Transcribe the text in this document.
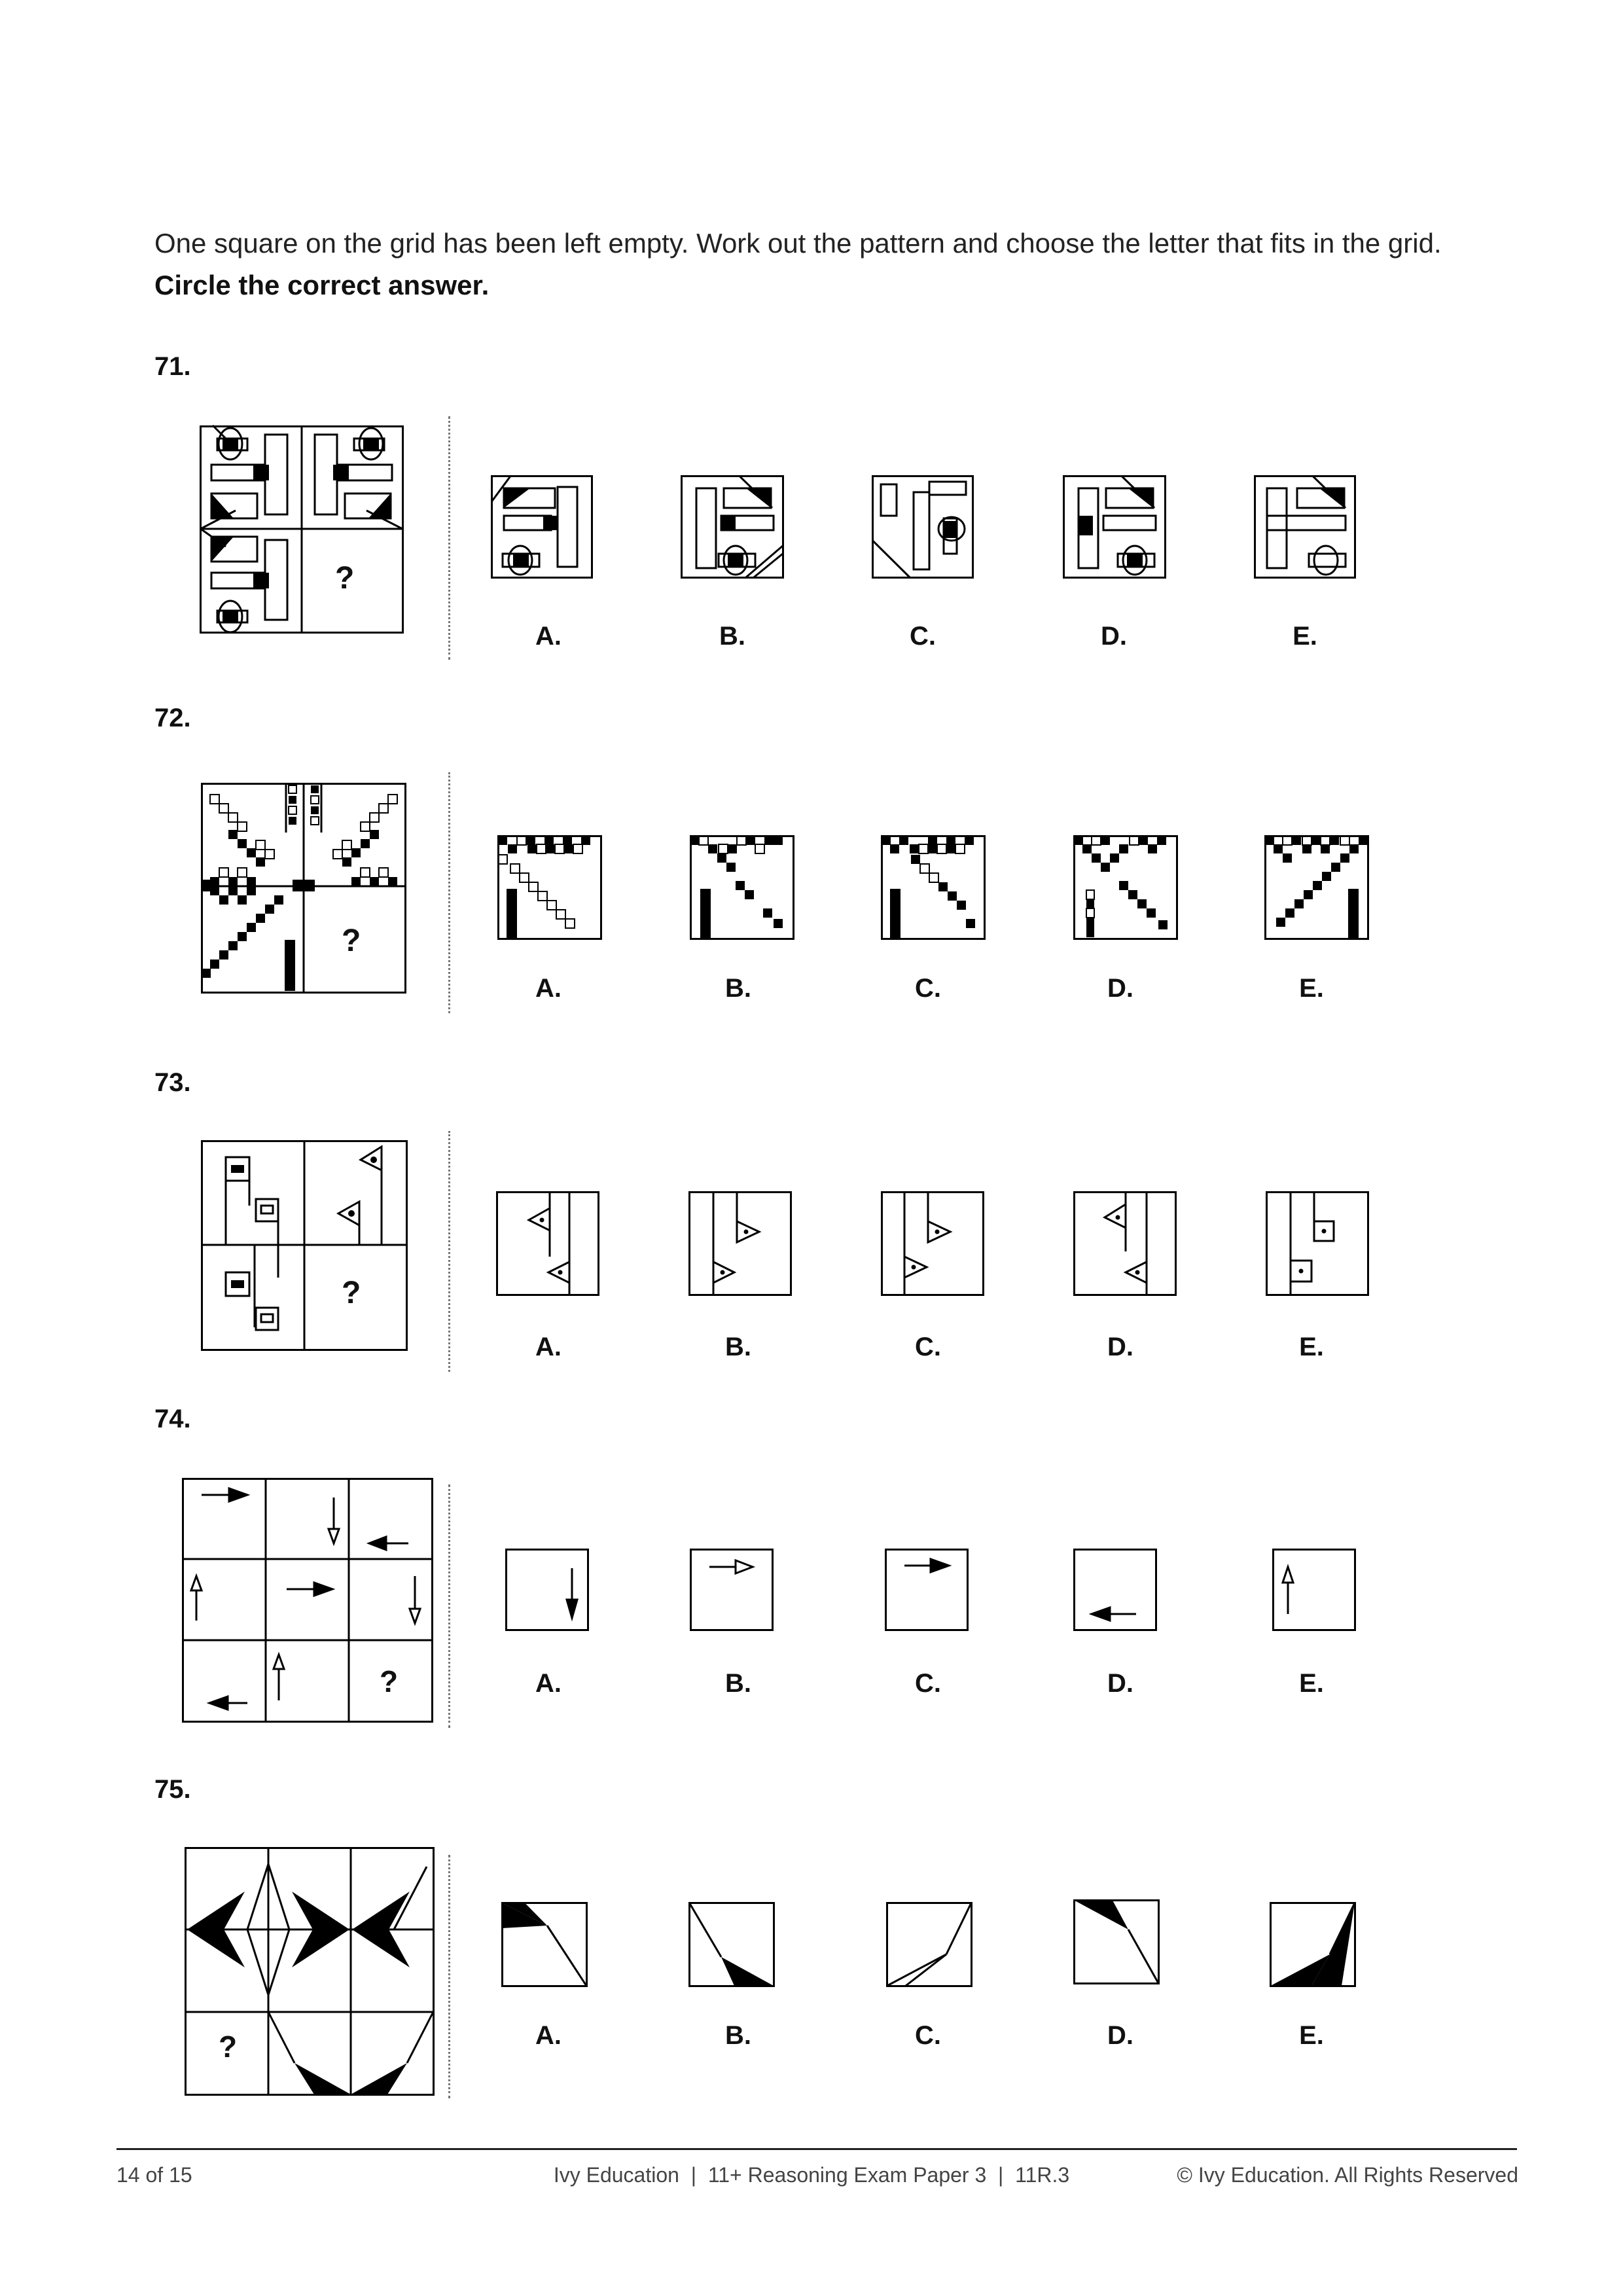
One square on the grid has been left empty. Work out the pattern and choose the letter that fits in the grid.
Circle the correct answer.
71.
?
A.	B.	C.	D.	E.
72.
?
A.	B.	C.	D.	E.
73.
?
A.	B.	C.	D.	E.
74.
?	A.	B.	C.	D.	E.
75.
?	A.	B.	C.	D.	E.
14 of 15	Ivy Education  |  11+ Reasoning Exam Paper 3  |  11R.3	© Ivy Education. All Rights Reserved
